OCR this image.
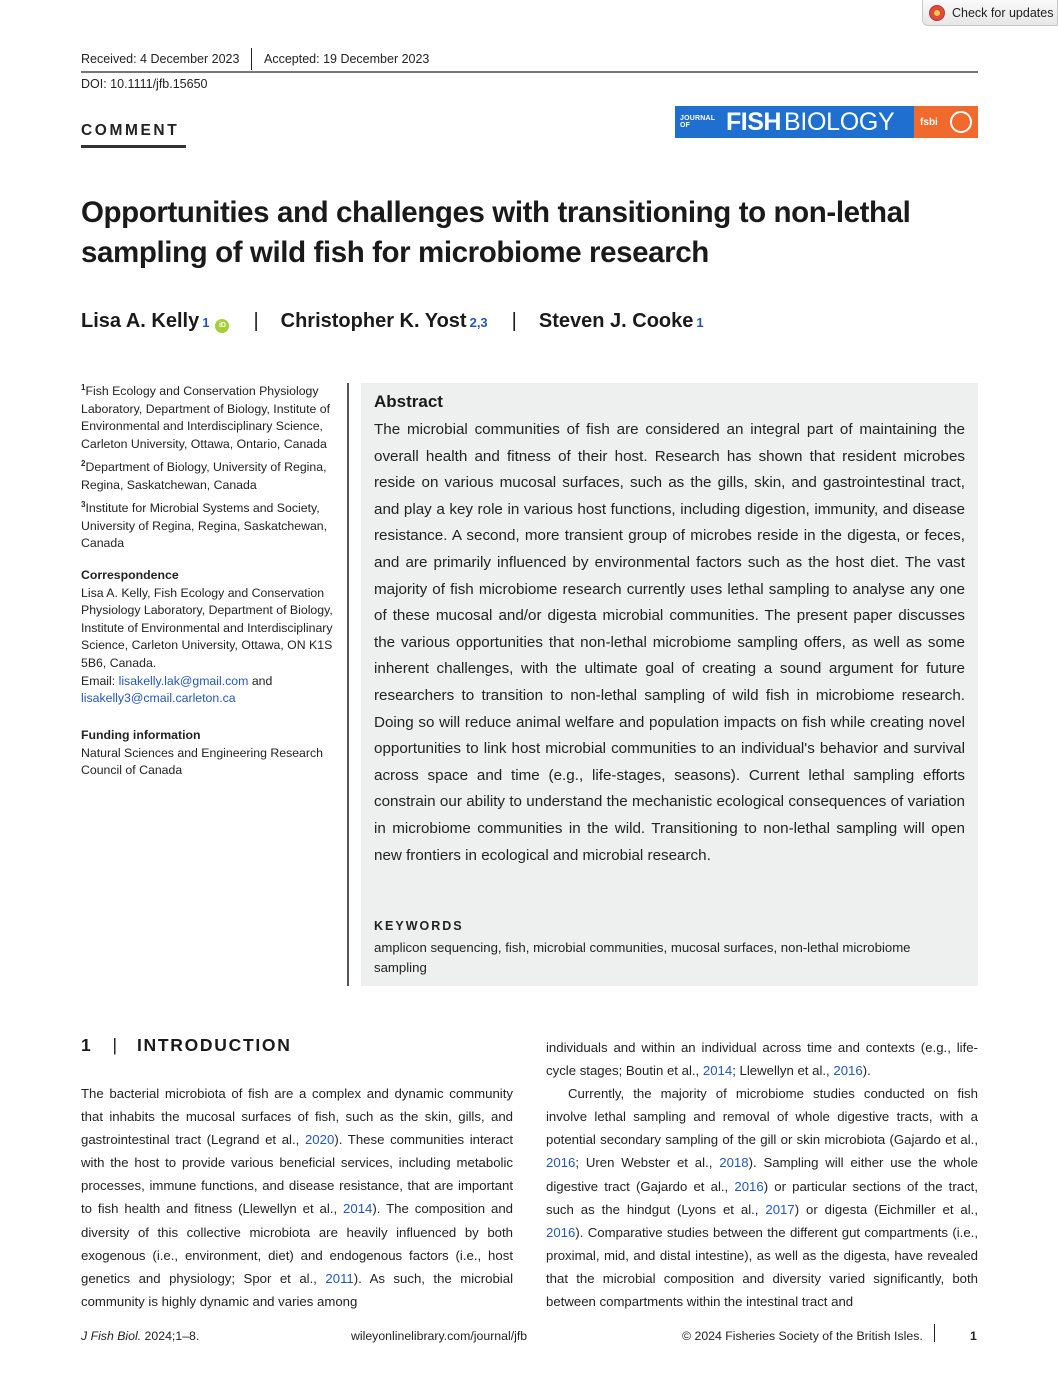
Check for updates
Received: 4 December 2023 Accepted: 19 December 2023
DOI: 10.1111/jfb.15650
COMMENT
JOURNAL OF	FISH BIOLOGY	fsbi
Opportunities and challenges with transitioning to non-lethal sampling of wild fish for microbiome research
Lisa A. Kelly 1	iD | Christopher K. Yost 2,3 | Steven J. Cooke 1
$^1$Fish Ecology and Conservation Physiology Laboratory, Department of Biology, Institute of Environmental and Interdisciplinary Science, Carleton University, Ottawa, Ontario, Canada
$^2$Department of Biology, University of Regina, Regina, Saskatchewan, Canada
$^3$Institute for Microbial Systems and Society, University of Regina, Regina, Saskatchewan, Canada
Correspondence
Lisa A. Kelly, Fish Ecology and Conservation Physiology Laboratory, Department of Biology, Institute of Environmental and Interdisciplinary Science, Carleton University, Ottawa, ON K1S 5B6, Canada.
Email: lisakelly.lak@gmail.com and
lisakelly3@cmail.carleton.ca
Funding information
Natural Sciences and Engineering Research Council of Canada
Abstract
The microbial communities of fish are considered an integral part of maintaining the overall health and fitness of their host. Research has shown that resident microbes reside on various mucosal surfaces, such as the gills, skin, and gastrointestinal tract, and play a key role in various host functions, including digestion, immunity, and disease resistance. A second, more transient group of microbes reside in the digesta, or feces, and are primarily influenced by environmental factors such as the host diet. The vast majority of fish microbiome research currently uses lethal sampling to analyse any one of these mucosal and/or digesta microbial communities. The present paper discusses the various opportunities that non-lethal microbiome sampling offers, as well as some inherent challenges, with the ultimate goal of creating a sound argument for future researchers to transition to non-lethal sampling of wild fish in microbiome research. Doing so will reduce animal welfare and population impacts on fish while creating novel opportunities to link host microbial communities to an individual's behavior and survival across space and time (e.g., life-stages, seasons). Current lethal sampling efforts constrain our ability to understand the mechanistic ecological consequences of variation in microbiome communities in the wild. Transitioning to non-lethal sampling will open new frontiers in ecological and microbial research.
KEYWORDS
amplicon sequencing, fish, microbial communities, mucosal surfaces, non-lethal microbiome sampling
1 | INTRODUCTION

The bacterial microbiota of fish are a complex and dynamic community that inhabits the mucosal surfaces of fish, such as the skin, gills, and gastrointestinal tract (Legrand et al., 2020). These communities interact with the host to provide various beneficial services, including metabolic processes, immune functions, and disease resistance, that are important to fish health and fitness (Llewellyn et al., 2014). The composition and diversity of this collective microbiota are heavily influenced by both exogenous (i.e., environment, diet) and endogenous factors (i.e., host genetics and physiology; Spor et al., 2011). As such, the microbial community is highly dynamic and varies among

individuals and within an individual across time and contexts (e.g., life-cycle stages; Boutin et al., 2014; Llewellyn et al., 2016).

Currently, the majority of microbiome studies conducted on fish involve lethal sampling and removal of whole digestive tracts, with a potential secondary sampling of the gill or skin microbiota (Gajardo et al., 2016; Uren Webster et al., 2018). Sampling will either use the whole digestive tract (Gajardo et al., 2016) or particular sections of the tract, such as the hindgut (Lyons et al., 2017) or digesta (Eichmiller et al., 2016). Comparative studies between the different gut compartments (i.e., proximal, mid, and distal intestine), as well as the digesta, have revealed that the microbial composition and diversity varied significantly, both between compartments within the intestinal tract and

J Fish Biol. 2024;1–8.	wileyonlinelibrary.com/journal/jfb	© 2024 Fisheries Society of the British Isles.	1
